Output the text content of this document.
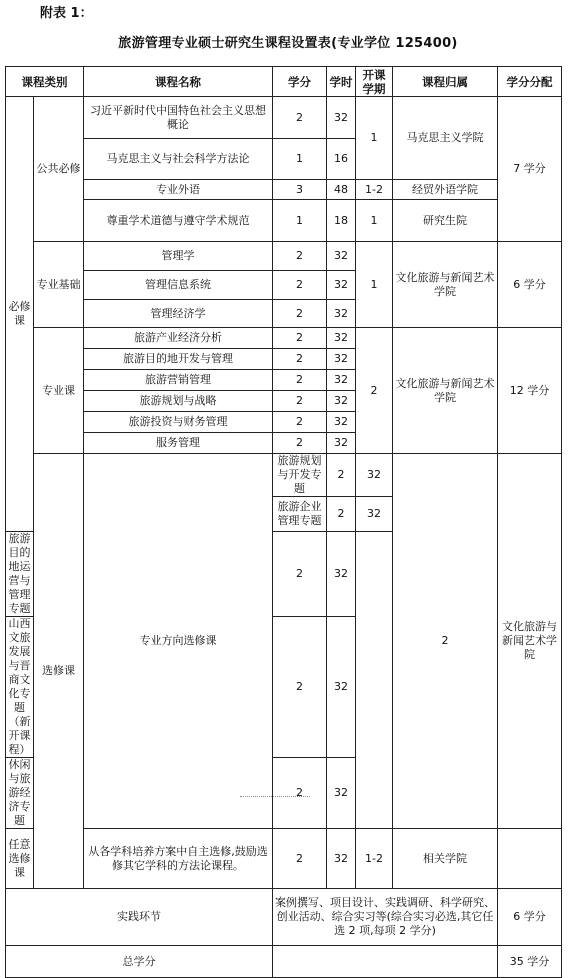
附表 1：
旅游管理专业硕士研究生课程设置表(专业学位 125400)
课程类别		课程名称	学分	学时	开课学期	课程归属	学分分配	
必修课	公共必修	习近平新时代中国特色社会主义思想概论	2	32	1	马克思主义学院	7 学分	
		马克思主义与社会科学方法论	1	16				
		专业外语	3	48	1-2	经贸外语学院		
		尊重学术道德与遵守学术规范	1	18	1	研究生院		
	专业基础	管理学	2	32	1	文化旅游与新闻艺术学院	6 学分	
		管理信息系统	2	32				
		管理经济学	2	32				
	专业课	旅游产业经济分析	2	32	2	文化旅游与新闻艺术学院	12 学分	
		旅游目的地开发与管理	2	32				
		旅游营销管理	2	32				
		旅游规划与战略	2	32				
		旅游投资与财务管理	2	32				
		服务管理	2	32				
	选修课	专业方向选修课	旅游规划与开发专题	2	32	2	文化旅游与新闻艺术学院	
			旅游企业管理专题	2	32			
旅游目的地运营与管理专题			2	32				
山西文旅发展与晋商文化专题（新开课程）			2	32				
休闲与旅游经济专题			2	32				
任意选修课		从各学科培养方案中自主选修,鼓励选修其它学科的方法论课程。	2	32	1-2	相关学院		
实践环节			案例撰写、项目设计、实践调研、科学研究、创业活动、综合实习等(综合实习必选,其它任选 2 项,每项 2 学分)				6 学分	
总学分							35 学分	
